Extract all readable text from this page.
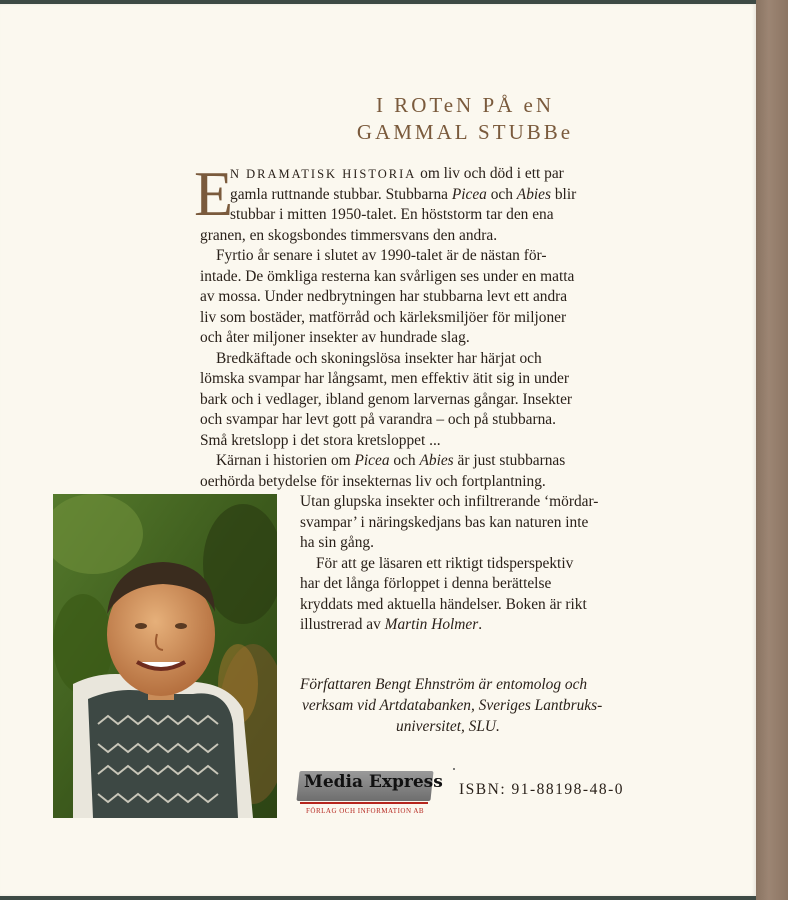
I ROTeN PÅ eN
GAMMAL STUBBe
E
N DRAMATISK HISTORIA om liv och död i ett par
gamla ruttnande stubbar. Stubbarna Picea och Abies blir
stubbar i mitten 1950-talet. En höststorm tar den ena
granen, en skogsbondes timmersvans den andra.
Fyrtio år senare i slutet av 1990-talet är de nästan för-
intade. De ömkliga resterna kan svårligen ses under en matta
av mossa. Under nedbrytningen har stubbarna levt ett andra
liv som bostäder, matförråd och kärleksmiljöer för miljoner
och åter miljoner insekter av hundrade slag.
Bredkäftade och skoningslösa insekter har härjat och
lömska svampar har långsamt, men effektiv ätit sig in under
bark och i vedlager, ibland genom larvernas gångar. Insekter
och svampar har levt gott på varandra – och på stubbarna.
Små kretslopp i det stora kretsloppet ...
Kärnan i historien om Picea och Abies är just stubbarnas
oerhörda betydelse för insekternas liv och fortplantning.
Utan glupska insekter och infiltrerande ‘mördar-
svampar’ i näringskedjans bas kan naturen inte
ha sin gång.
För att ge läsaren ett riktigt tidsperspektiv
har det långa förloppet i denna berättelse
kryddats med aktuella händelser. Boken är rikt
illustrerad av Martin Holmer.
Författaren Bengt Ehnström är entomolog och
verksam vid Artdatabanken, Sveriges Lantbruks-
universitet, SLU.
Media Express
FÖRLAG OCH INFORMATION AB
ISBN: 91-88198-48-0
